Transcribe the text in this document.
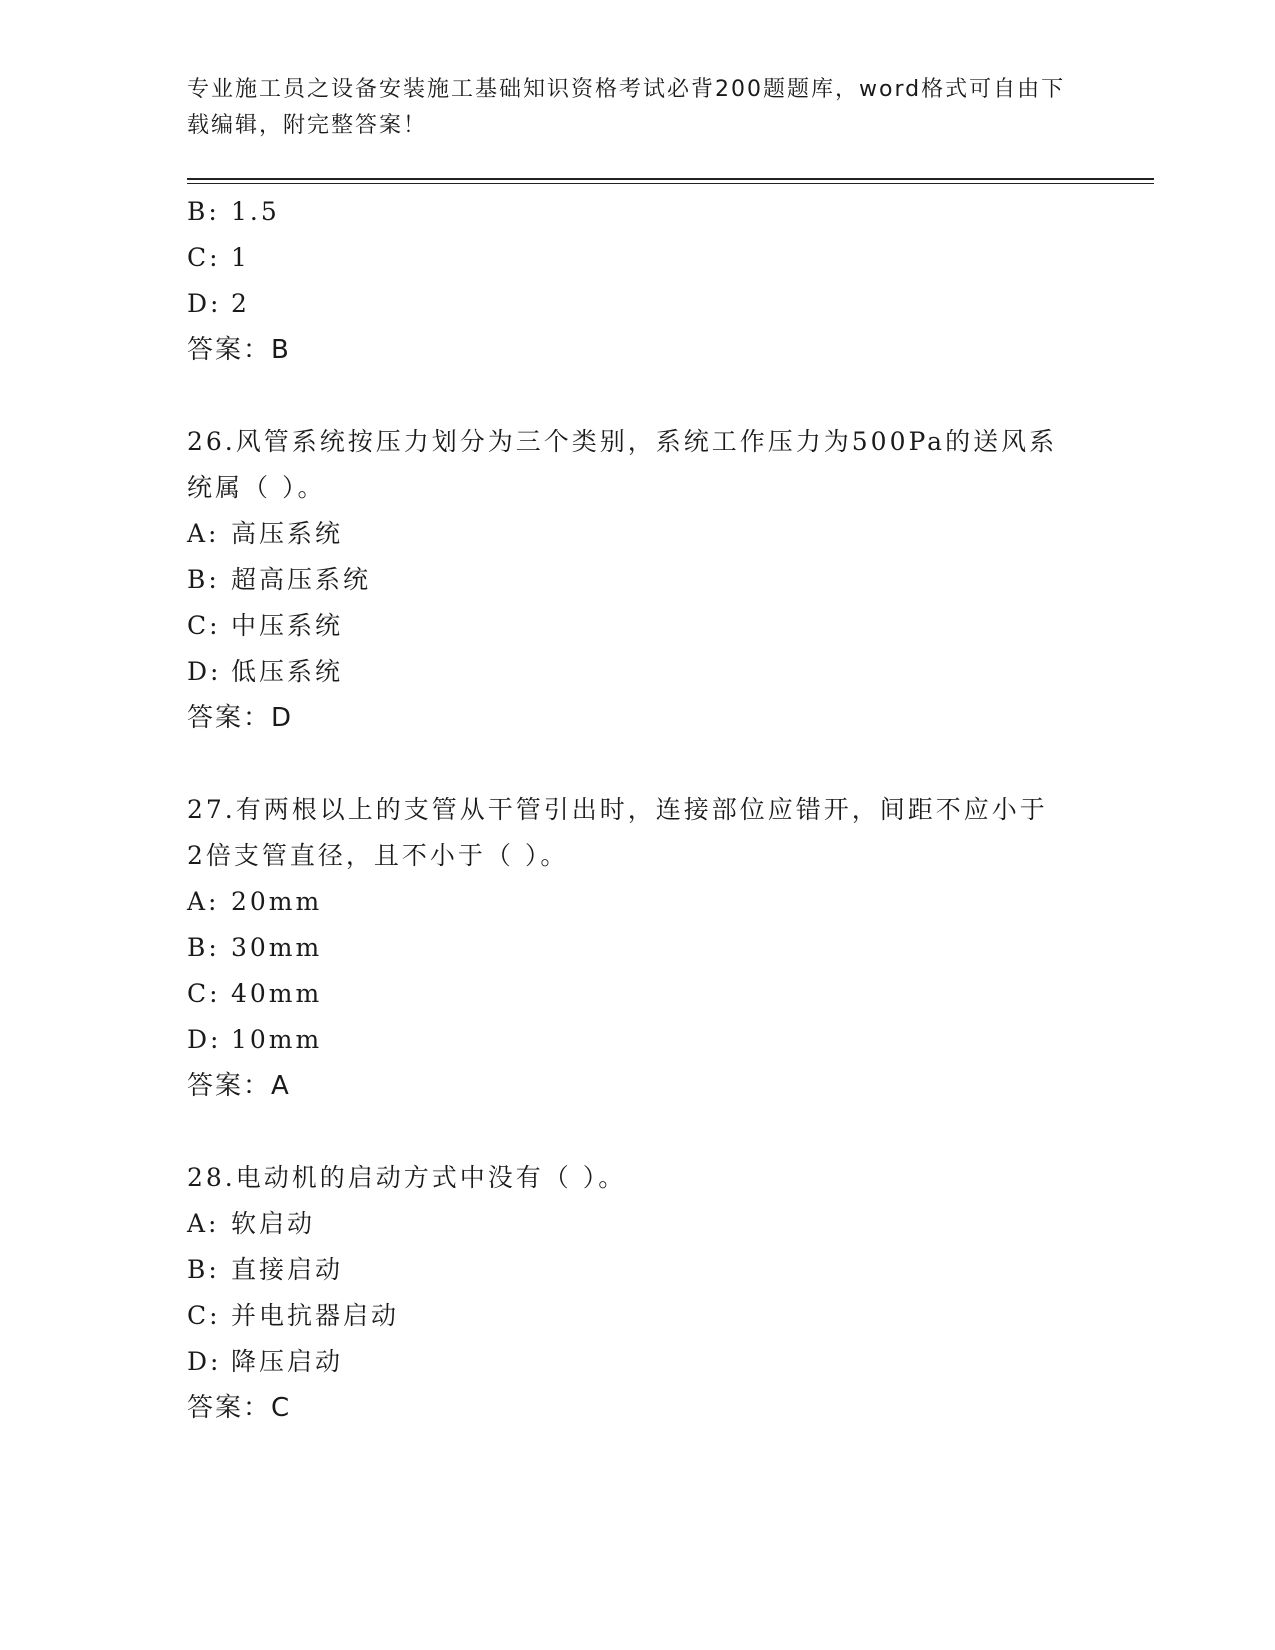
专业施工员之设备安装施工基础知识资格考试必背200题题库，word格式可自由下载编辑，附完整答案！
B: 1.5
C: 1
D: 2
答案：B
26.风管系统按压力划分为三个类别，系统工作压力为500Pa的送风系
统属（ ）。
A: 高压系统
B: 超高压系统
C: 中压系统
D: 低压系统
答案：D
27.有两根以上的支管从干管引出时，连接部位应错开，间距不应小于
2倍支管直径，且不小于（ ）。
A: 20mm
B: 30mm
C: 40mm
D: 10mm
答案：A
28.电动机的启动方式中没有（ ）。
A: 软启动
B: 直接启动
C: 并电抗器启动
D: 降压启动
答案：C
